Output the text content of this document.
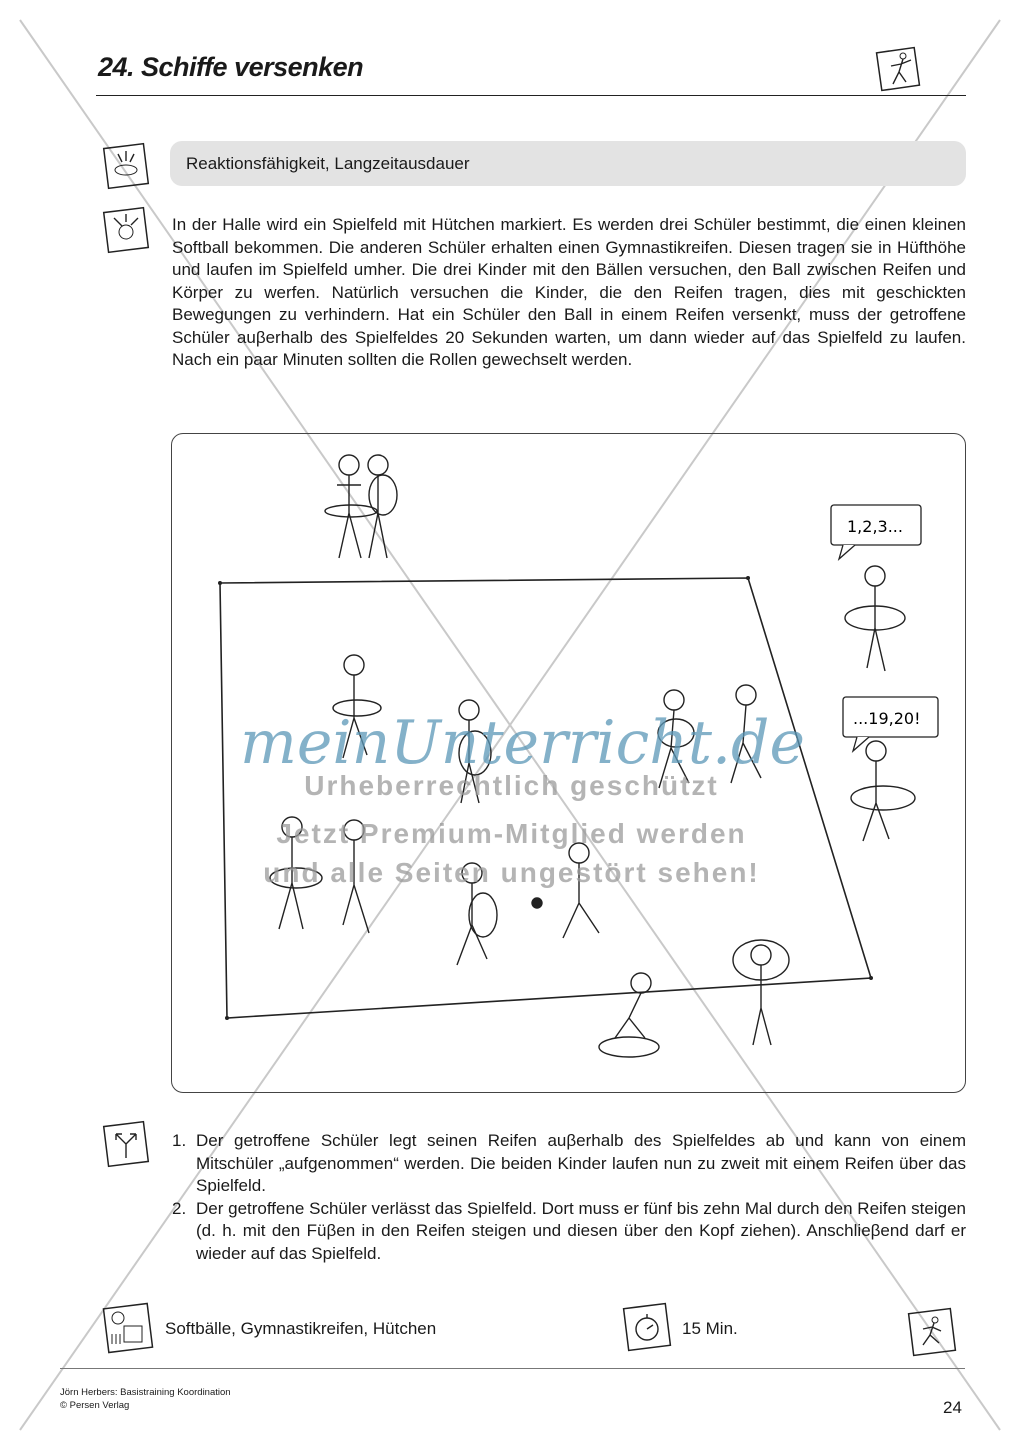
24. Schiffe versenken
Reaktionsfähigkeit, Langzeitausdauer

In der Halle wird ein Spielfeld mit Hütchen markiert. Es werden drei Schüler bestimmt, die einen kleinen Softball bekommen. Die anderen Schüler erhalten einen Gymnastikreifen. Diesen tragen sie in Hüfthöhe und laufen im Spielfeld umher. Die drei Kinder mit den Bällen versuchen, den Ball zwischen Reifen und Körper zu werfen. Natürlich versuchen die Kinder, die den Reifen tragen, dies mit geschickten Bewegungen zu verhindern. Hat ein Schüler den Ball in einem Reifen versenkt, muss der getroffene Schüler auβerhalb des Spielfeldes 20 Sekunden warten, um dann wieder auf das Spielfeld zu laufen. Nach ein paar Minuten sollten die Rollen gewechselt werden.

1,2,3...
...19,20!
meinUnterricht.de
Urheberrechtlich geschützt
Jetzt Premium-Mitglied werden
und alle Seiten ungestört sehen!
1. Der getroffene Schüler legt seinen Reifen auβerhalb des Spielfeldes ab und kann von einem Mitschüler „aufgenommen“ werden. Die beiden Kinder laufen nun zu zweit mit einem Reifen über das Spielfeld.
2. Der getroffene Schüler verlässt das Spielfeld. Dort muss er fünf bis zehn Mal durch den Reifen steigen (d. h. mit den Füβen in den Reifen steigen und diesen über den Kopf ziehen). Anschlieβend darf er wieder auf das Spielfeld.
Softbälle, Gymnastikreifen, Hütchen	15 Min.
Jörn Herbers: Basistraining Koordination
© Persen Verlag	24
